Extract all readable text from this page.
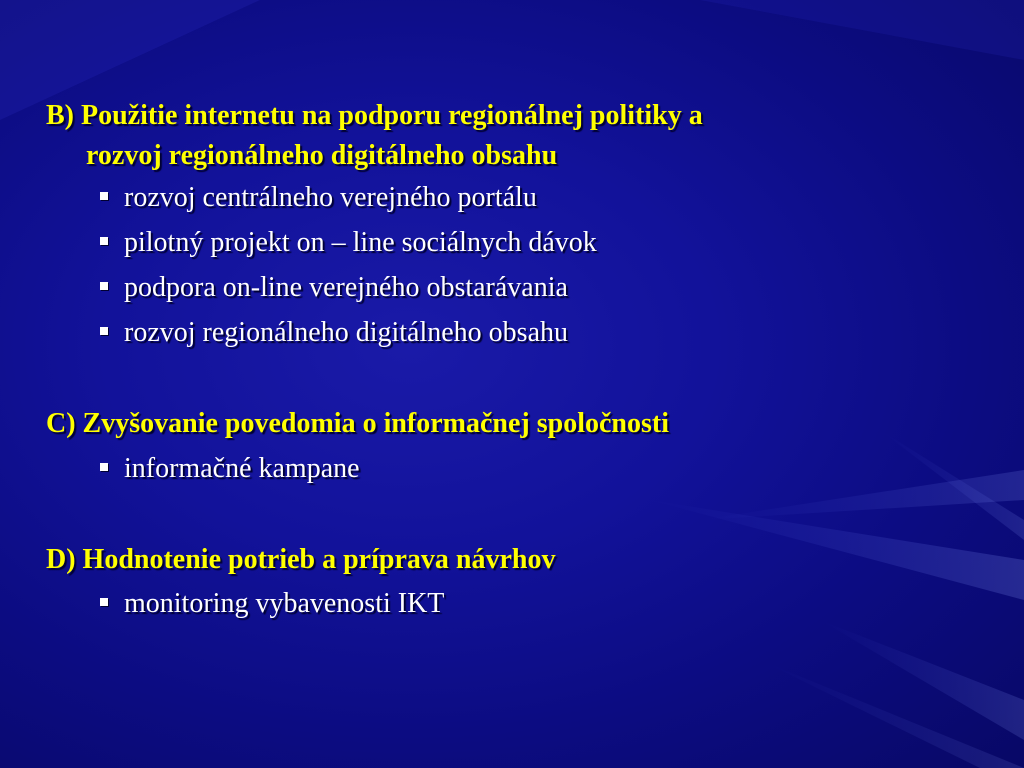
B) Použitie internetu na podporu regionálnej politiky a
rozvoj regionálneho digitálneho obsahu
rozvoj centrálneho verejného portálu
pilotný projekt on – line sociálnych dávok
podpora on-line verejného obstarávania
rozvoj regionálneho digitálneho obsahu
C) Zvyšovanie povedomia o informačnej spoločnosti
informačné kampane
D) Hodnotenie potrieb a príprava návrhov
monitoring vybavenosti IKT
